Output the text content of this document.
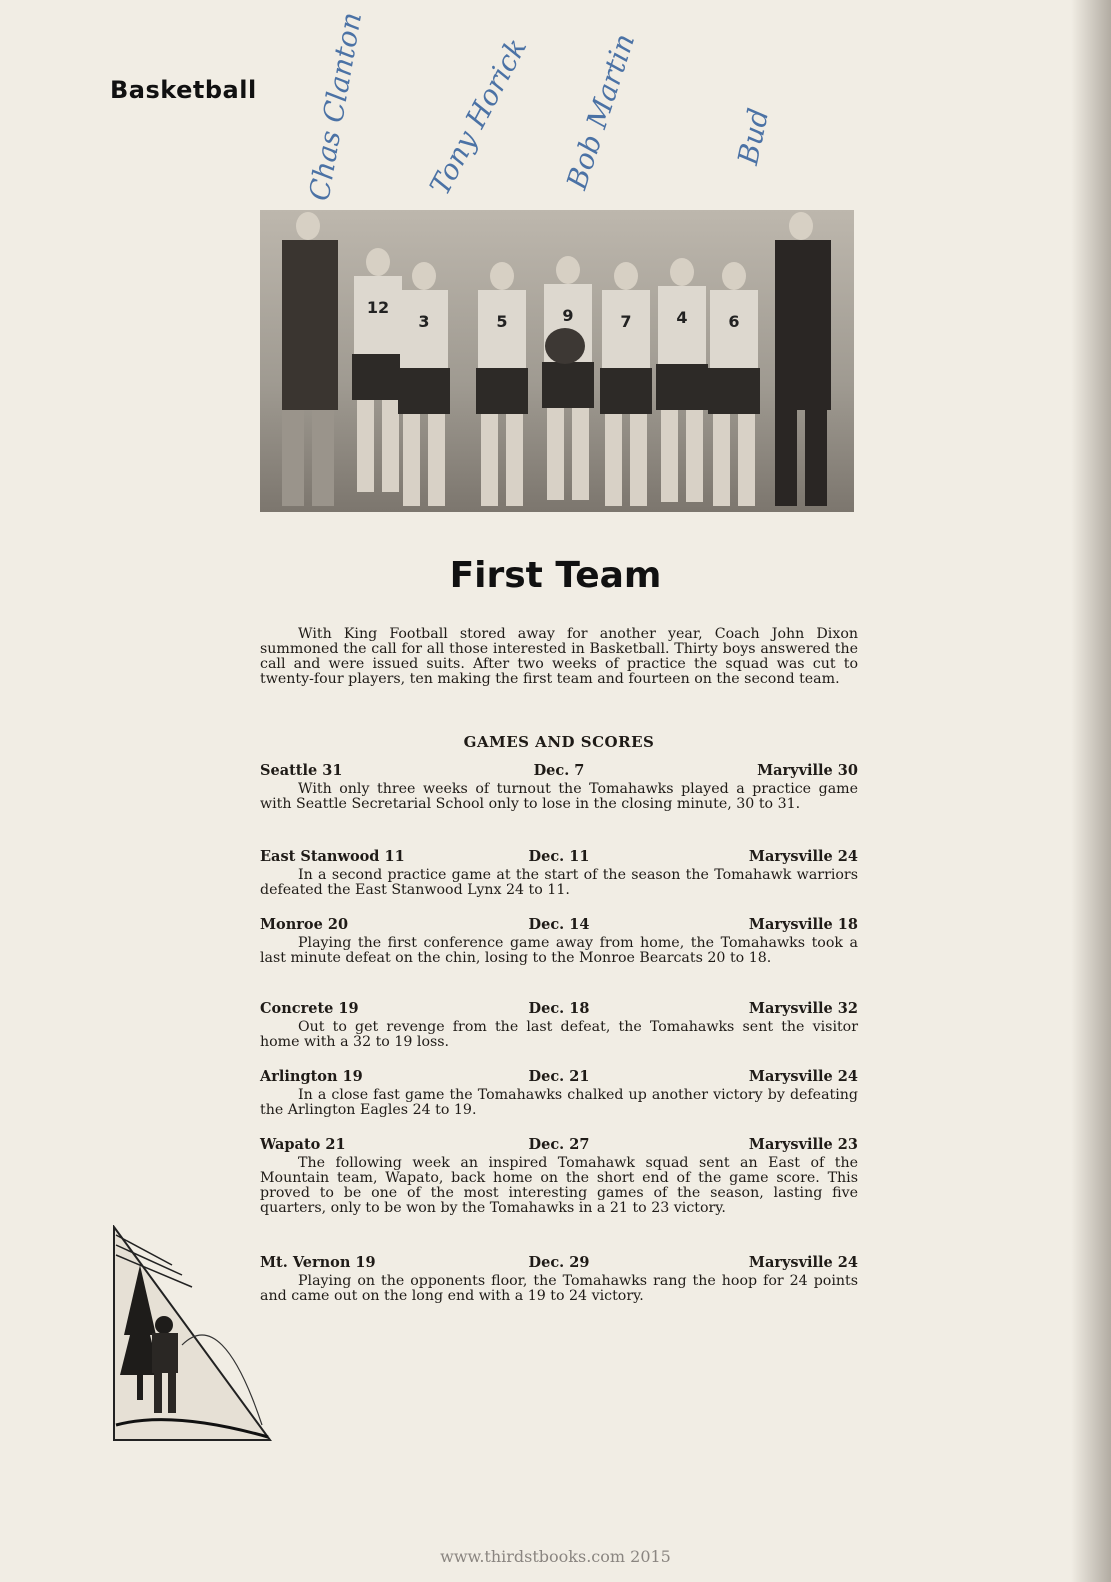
Basketball Chas Clanton Tony Horick Bob Martin	Bud
12
3	5	9	7	4	6
First Team
With King Football stored away for another year, Coach John Dixon summoned the call for all those interested in Basketball. Thirty boys answered the call and were issued suits. After two weeks of practice the squad was cut to twenty-four players, ten making the first team and fourteen on the second team.
GAMES AND SCORES
Seattle 31	Dec. 7	Maryville 30
With only three weeks of turnout the Tomahawks played a practice game with Seattle Secretarial School only to lose in the closing minute, 30 to 31.
East Stanwood 11	Dec. 11	Marysville 24
In a second practice game at the start of the season the Tomahawk warriors defeated the East Stanwood Lynx 24 to 11.
Monroe 20	Dec. 14	Marysville 18
Playing the first conference game away from home, the Tomahawks took a last minute defeat on the chin, losing to the Monroe Bearcats 20 to 18.
Concrete 19	Dec. 18	Marysville 32
Out to get revenge from the last defeat, the Tomahawks sent the visitor home with a 32 to 19 loss.
Arlington 19	Dec. 21	Marysville 24
In a close fast game the Tomahawks chalked up another victory by defeating the Arlington Eagles 24 to 19.
Wapato 21	Dec. 27	Marysville 23
The following week an inspired Tomahawk squad sent an East of the Mountain team, Wapato, back home on the short end of the game score. This proved to be one of the most interesting games of the season, lasting five quarters, only to be won by the Tomahawks in a 21 to 23 victory.
Mt. Vernon 19	Dec. 29	Marysville 24
Playing on the opponents floor, the Tomahawks rang the hoop for 24 points and came out on the long end with a 19 to 24 victory.
www.thirdstbooks.com 2015
